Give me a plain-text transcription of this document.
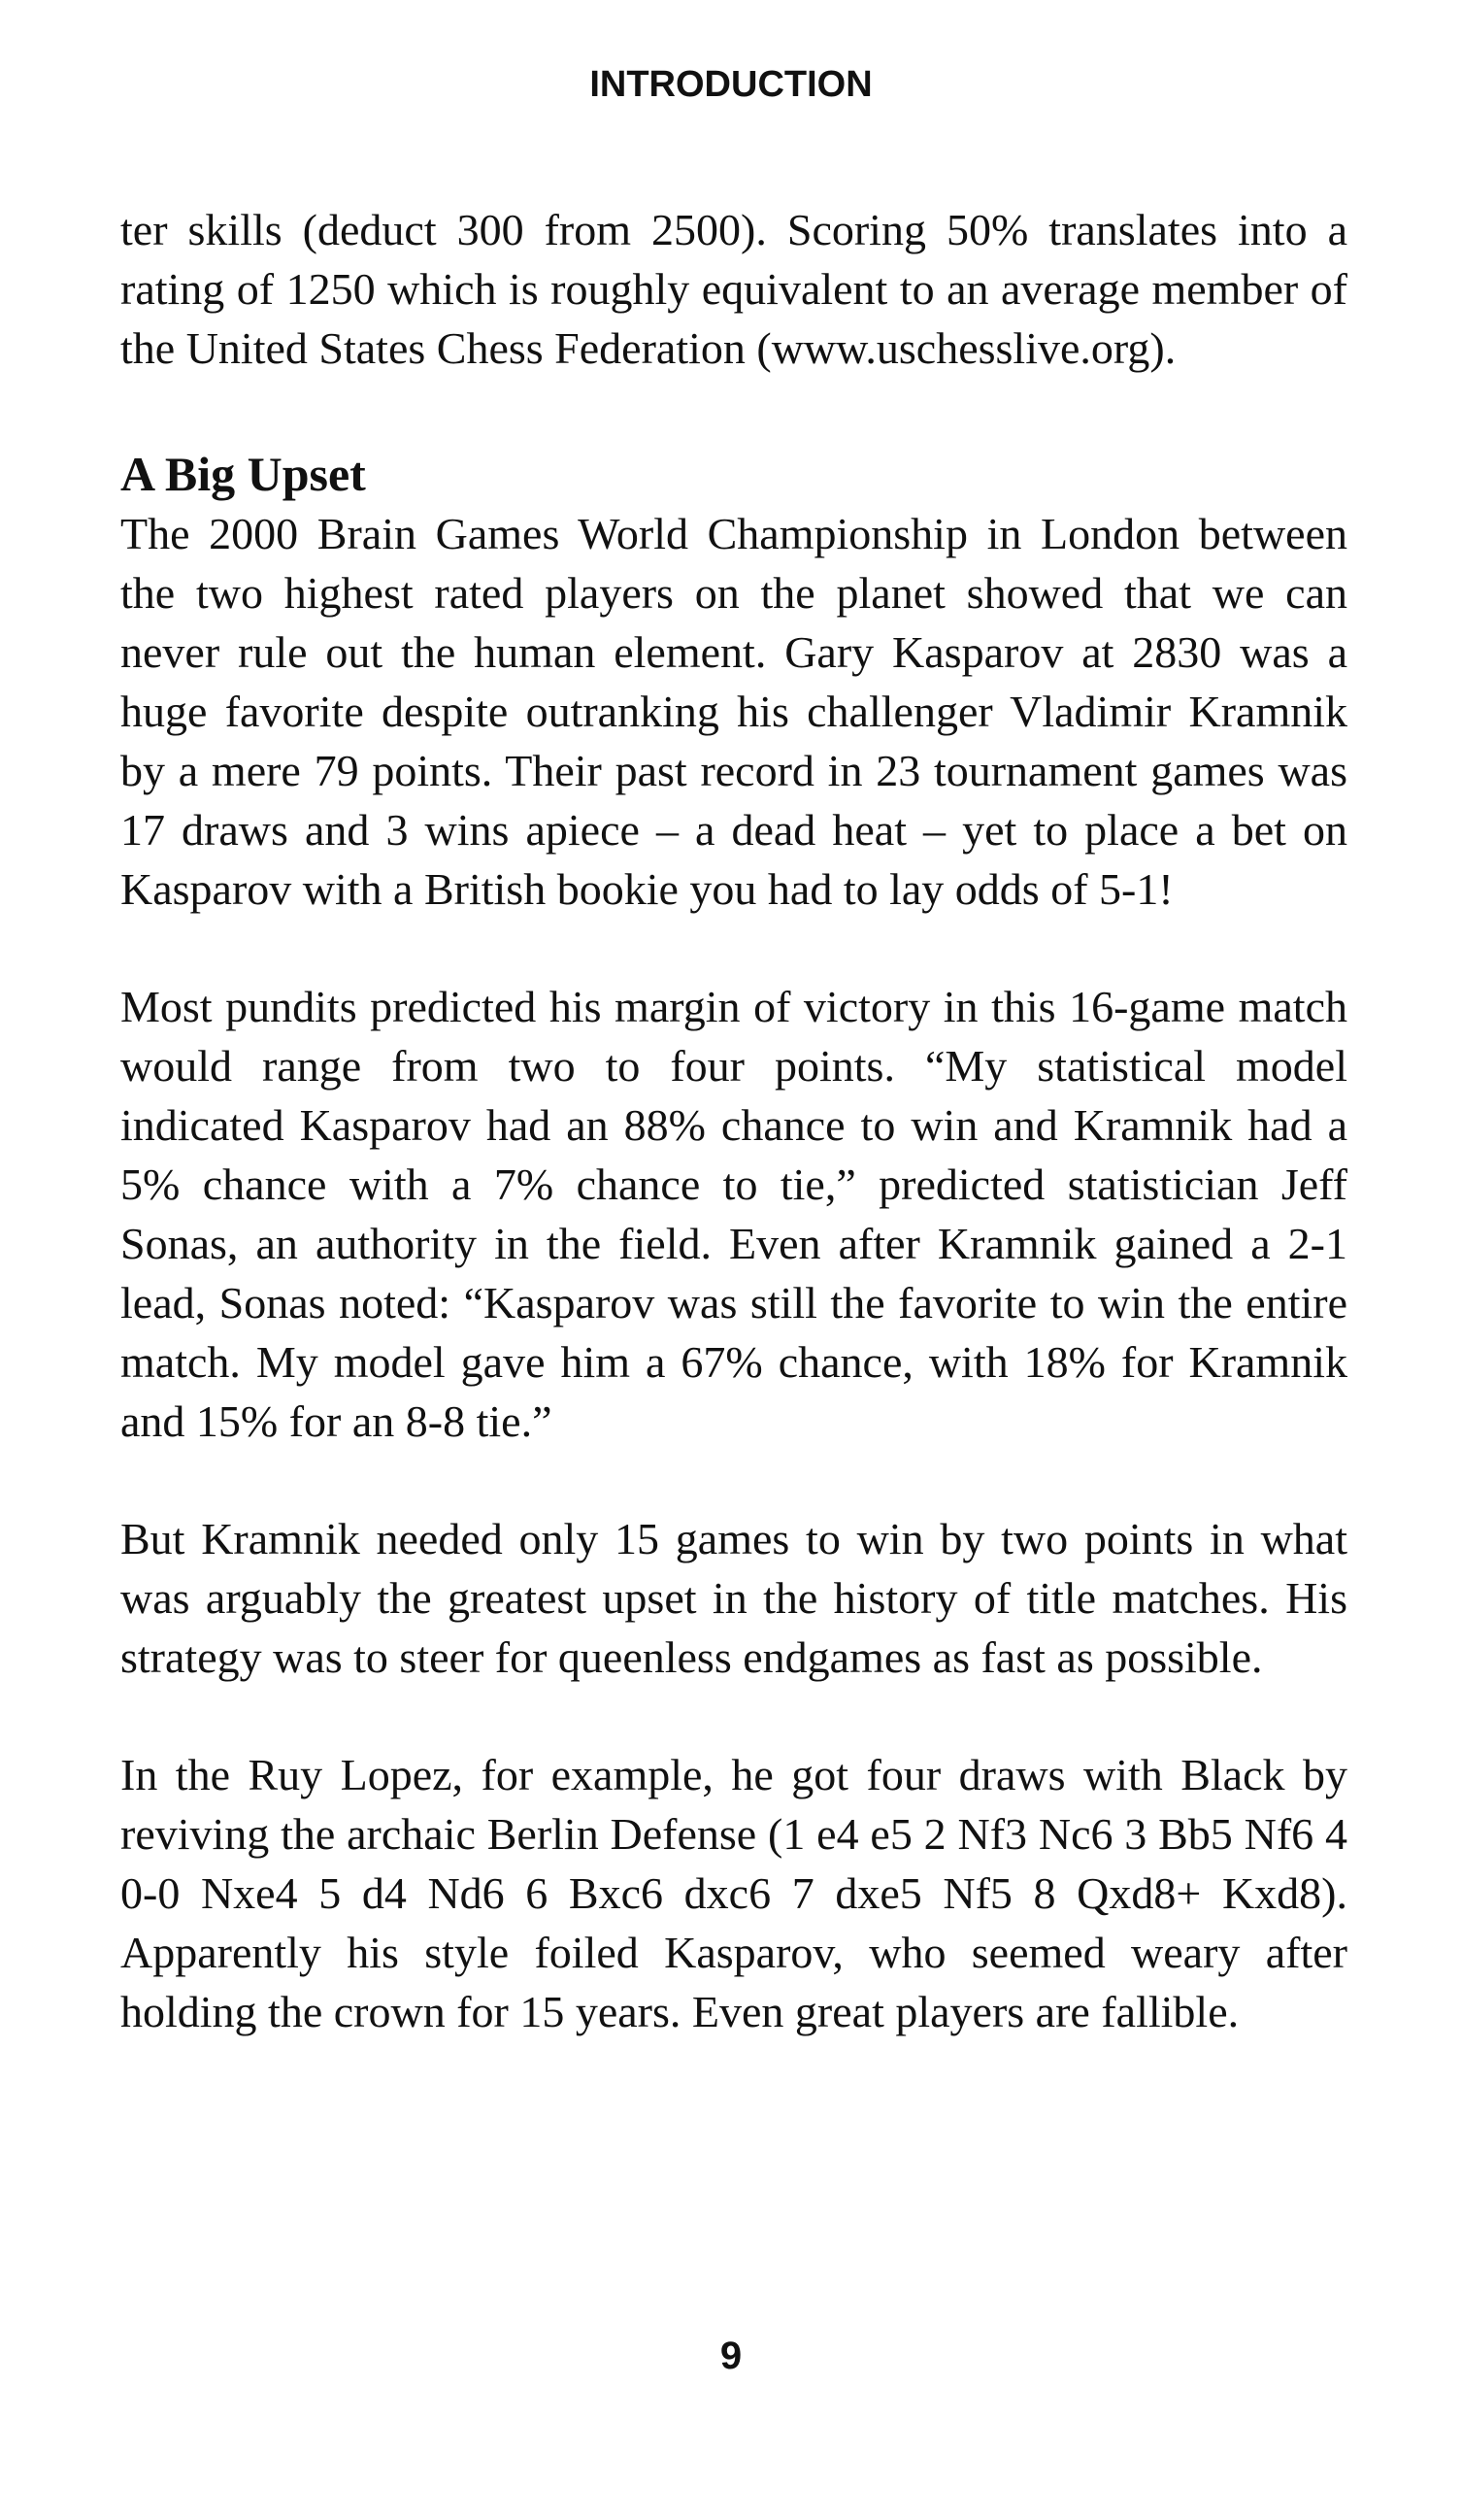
INTRODUCTION

ter skills (deduct 300 from 2500). Scoring 50% translates into a rating of 1250 which is roughly equivalent to an average member of the United States Chess Federation (www.uschesslive.org).

A Big Upset

The 2000 Brain Games World Championship in London between the two highest rated players on the planet showed that we can never rule out the human element. Gary Kasparov at 2830 was a huge favorite despite outranking his challenger Vladimir Kramnik by a mere 79 points. Their past record in 23 tournament games was 17 draws and 3 wins apiece – a dead heat – yet to place a bet on Kasparov with a British bookie you had to lay odds of 5-1!

Most pundits predicted his margin of victory in this 16-game match would range from two to four points. “My statistical model indicated Kasparov had an 88% chance to win and Kramnik had a 5% chance with a 7% chance to tie,” predicted statistician Jeff Sonas, an authority in the field. Even after Kramnik gained a 2-1 lead, Sonas noted: “Kasparov was still the favorite to win the entire match. My model gave him a 67% chance, with 18% for Kramnik and 15% for an 8-8 tie.”

But Kramnik needed only 15 games to win by two points in what was arguably the greatest upset in the history of title matches. His strategy was to steer for queenless endgames as fast as possible.

In the Ruy Lopez, for example, he got four draws with Black by reviving the archaic Berlin Defense (1 e4 e5 2 Nf3 Nc6 3 Bb5 Nf6 4 0-0 Nxe4 5 d4 Nd6 6 Bxc6 dxc6 7 dxe5 Nf5 8 Qxd8+ Kxd8). Apparently his style foiled Kasparov, who seemed weary after holding the crown for 15 years. Even great players are fallible.

9
